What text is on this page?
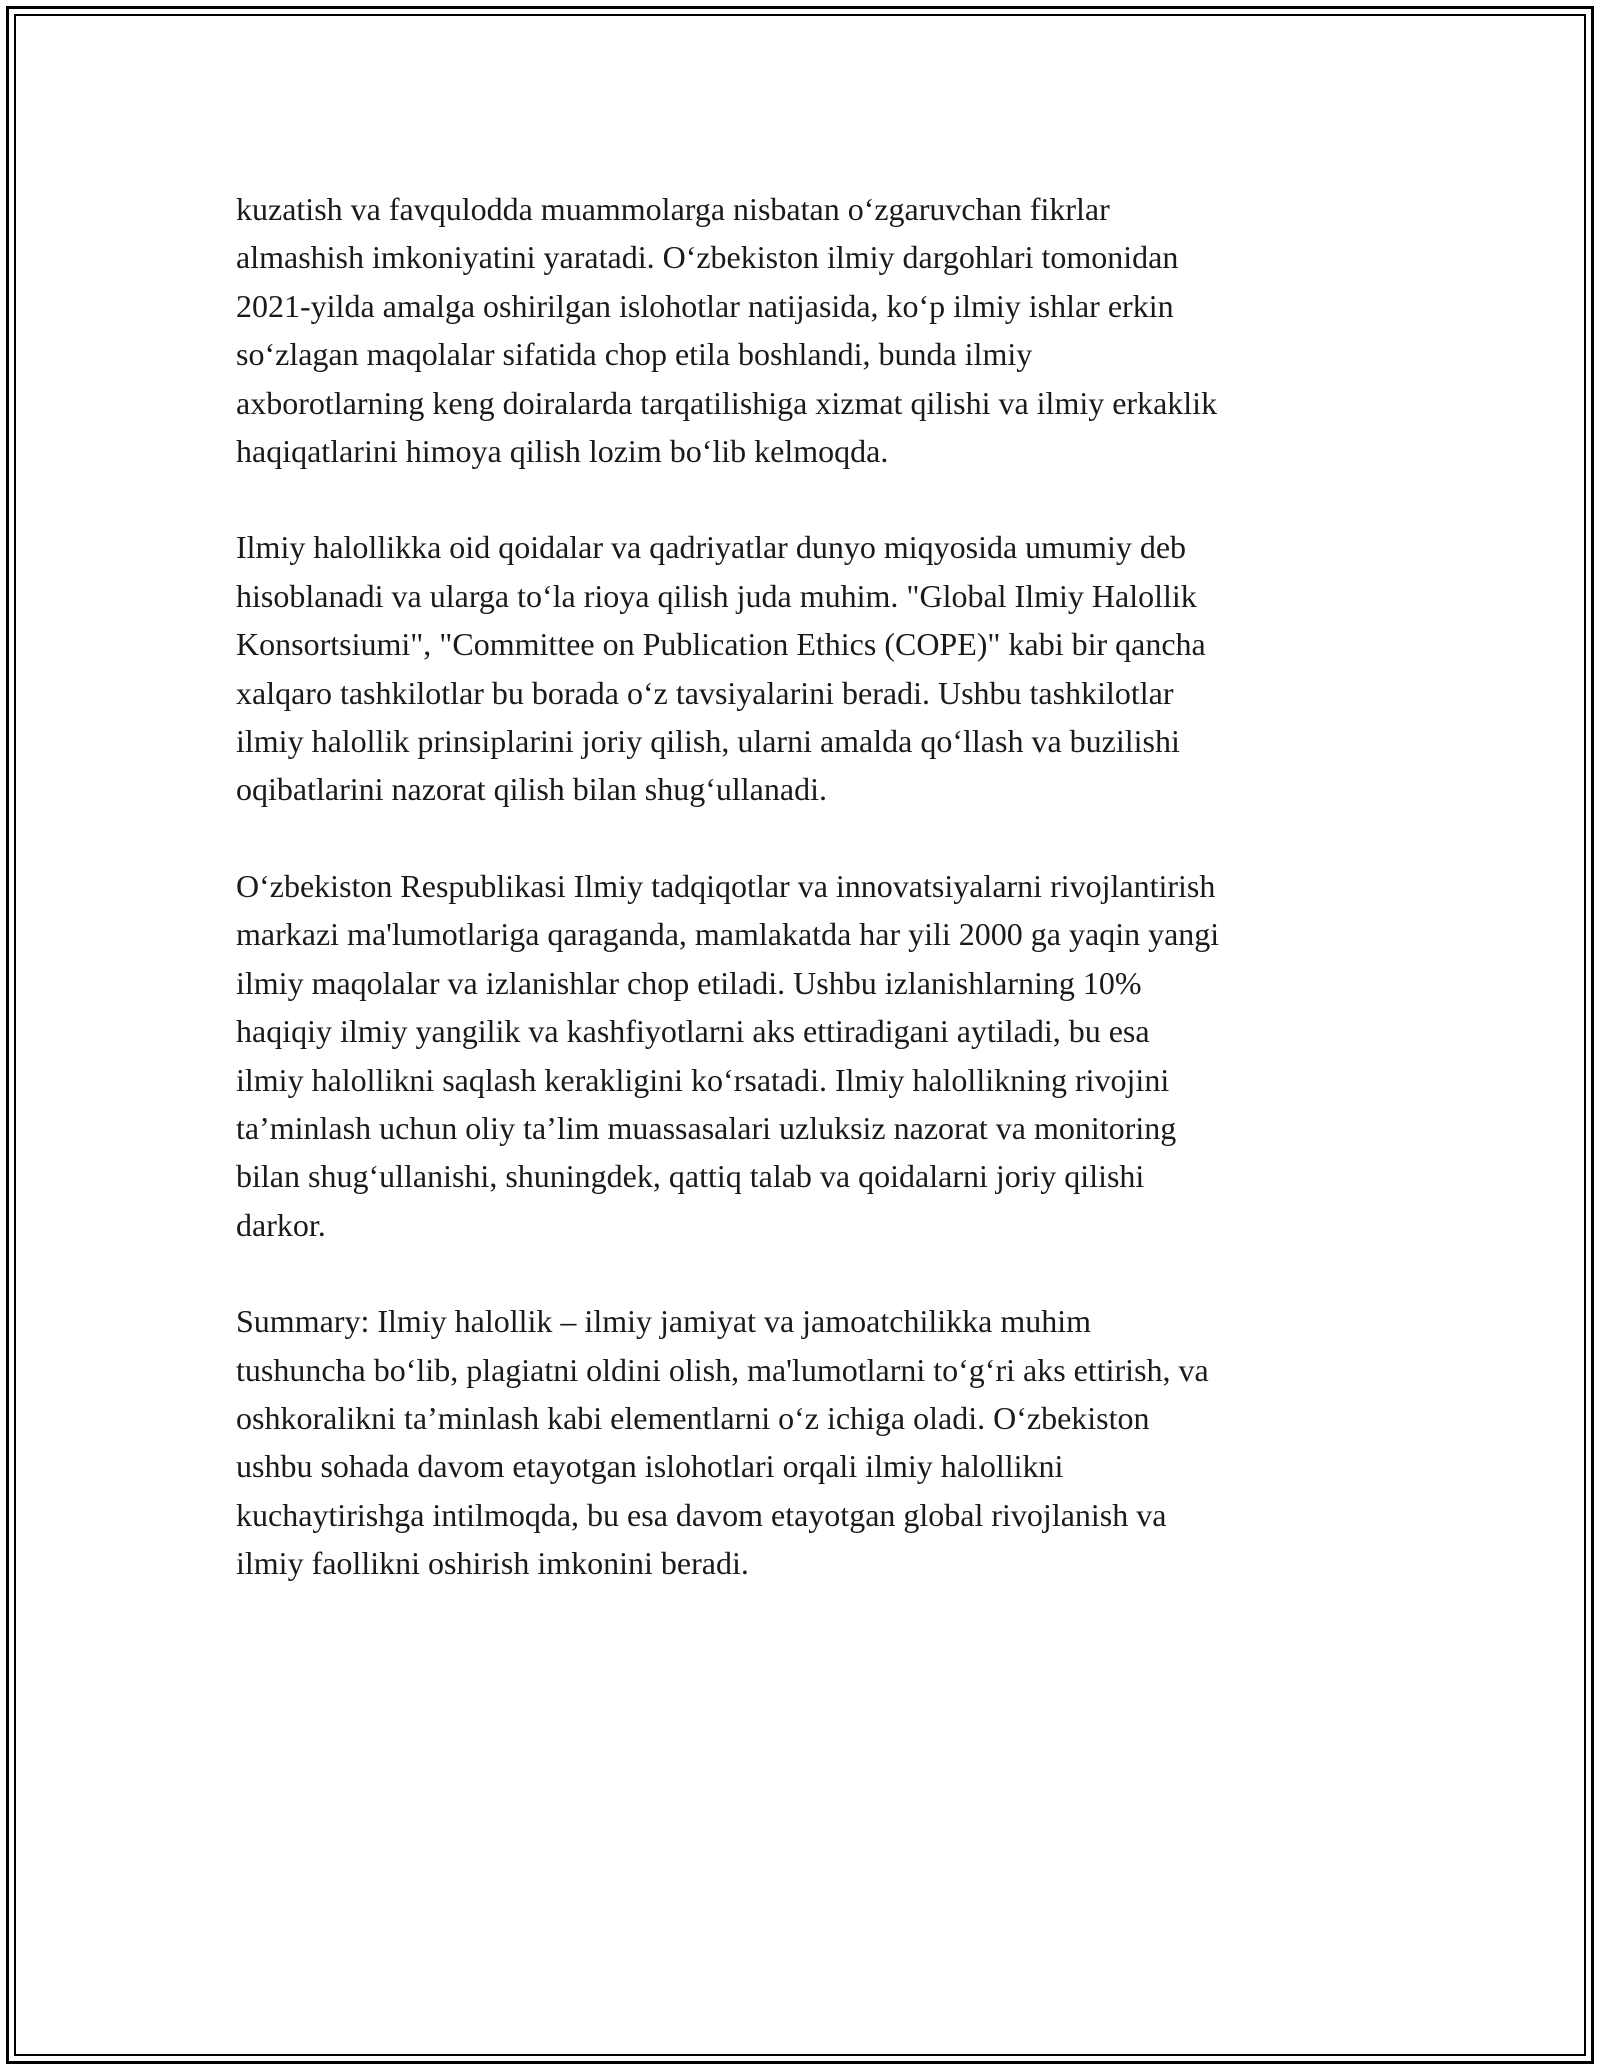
kuzatish va favqulodda muammolarga nisbatan o‘zgaruvchan fikrlar
almashish imkoniyatini yaratadi. O‘zbekiston ilmiy dargohlari tomonidan
2021-yilda amalga oshirilgan islohotlar natijasida, ko‘p ilmiy ishlar erkin
so‘zlagan maqolalar sifatida chop etila boshlandi, bunda ilmiy
axborotlarning keng doiralarda tarqatilishiga xizmat qilishi va ilmiy erkaklik
haqiqatlarini himoya qilish lozim bo‘lib kelmoqda.

Ilmiy halollikka oid qoidalar va qadriyatlar dunyo miqyosida umumiy deb
hisoblanadi va ularga to‘la rioya qilish juda muhim. "Global Ilmiy Halollik
Konsortsiumi", "Committee on Publication Ethics (COPE)" kabi bir qancha
xalqaro tashkilotlar bu borada o‘z tavsiyalarini beradi. Ushbu tashkilotlar
ilmiy halollik prinsiplarini joriy qilish, ularni amalda qo‘llash va buzilishi
oqibatlarini nazorat qilish bilan shug‘ullanadi.

O‘zbekiston Respublikasi Ilmiy tadqiqotlar va innovatsiyalarni rivojlantirish
markazi ma'lumotlariga qaraganda, mamlakatda har yili 2000 ga yaqin yangi
ilmiy maqolalar va izlanishlar chop etiladi. Ushbu izlanishlarning 10%
haqiqiy ilmiy yangilik va kashfiyotlarni aks ettiradigani aytiladi, bu esa
ilmiy halollikni saqlash kerakligini ko‘rsatadi. Ilmiy halollikning rivojini
ta’minlash uchun oliy ta’lim muassasalari uzluksiz nazorat va monitoring
bilan shug‘ullanishi, shuningdek, qattiq talab va qoidalarni joriy qilishi
darkor.

Summary: Ilmiy halollik – ilmiy jamiyat va jamoatchilikka muhim
tushuncha bo‘lib, plagiatni oldini olish, ma'lumotlarni to‘g‘ri aks ettirish, va
oshkoralikni ta’minlash kabi elementlarni o‘z ichiga oladi. O‘zbekiston
ushbu sohada davom etayotgan islohotlari orqali ilmiy halollikni
kuchaytirishga intilmoqda, bu esa davom etayotgan global rivojlanish va
ilmiy faollikni oshirish imkonini beradi.
